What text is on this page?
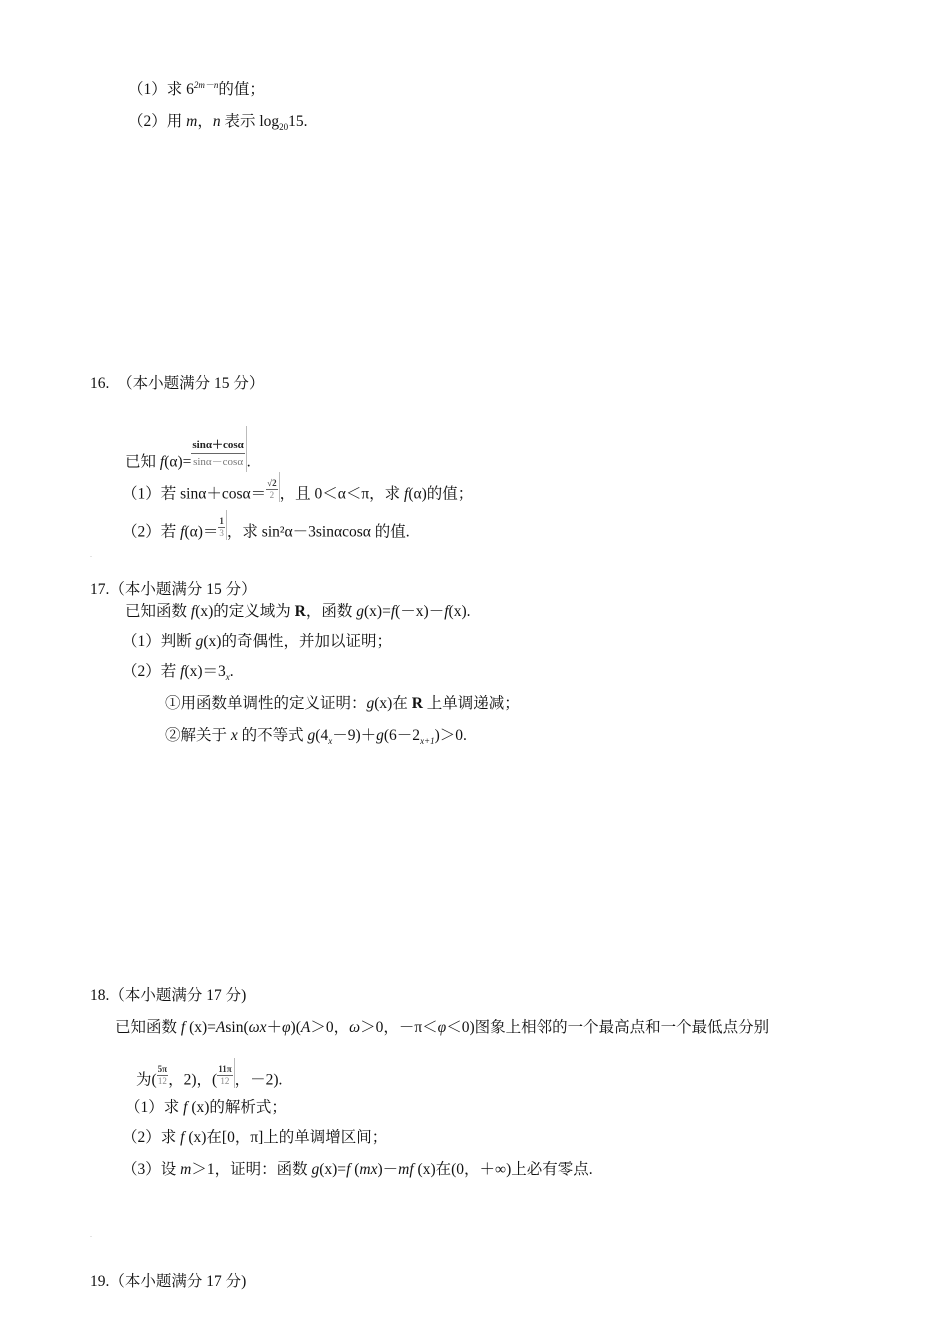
（1）求 $6^{2m-n}$的值；
（2）用 m，n 表示 $\log_{20}15$.
16.　（本小题满分 15 分）
已知 $f(\alpha)= \frac{\sin\alpha+\cos\alpha}{\sin\alpha-\cos\alpha}$ .
（1）若 $\sin\alpha+\cos\alpha= \frac{√2}{2}$ ，且 0＜α＜π，求 f(α)的值；
（2）若 $f(\alpha)= \frac{1}{3}$ ，求 sin²α－3sinαcosα 的值.
.
17.（本小题满分 15 分）
已知函数 f(x)的定义域为 R，函数 g(x)=f(－x)－f(x).
（1）判断 g(x)的奇偶性，并加以证明；
（2）若 $f(x)=3_x$.
①用函数单调性的定义证明：g(x)在 R 上单调递减；
②解关于 x 的不等式 $g(4_x-9)+g(6-2_{x+1})>0$.
18.（本小题满分 17 分)
已知函数 f (x)=Asin(ωx＋φ)(A＞0，ω＞0，－π＜φ＜0)图象上相邻的一个最高点和一个最低点分别
为( $\frac{5\pi}{12}$ ，2)，( $\frac{11\pi}{12}$ ，－2).
（1）求 f (x)的解析式；
（2）求 f (x)在[0，π]上的单调增区间；
（3）设 m＞1，证明：函数 g(x)=f (mx)－mf (x)在(0，＋∞)上必有零点.
.
19.（本小题满分 17 分)
